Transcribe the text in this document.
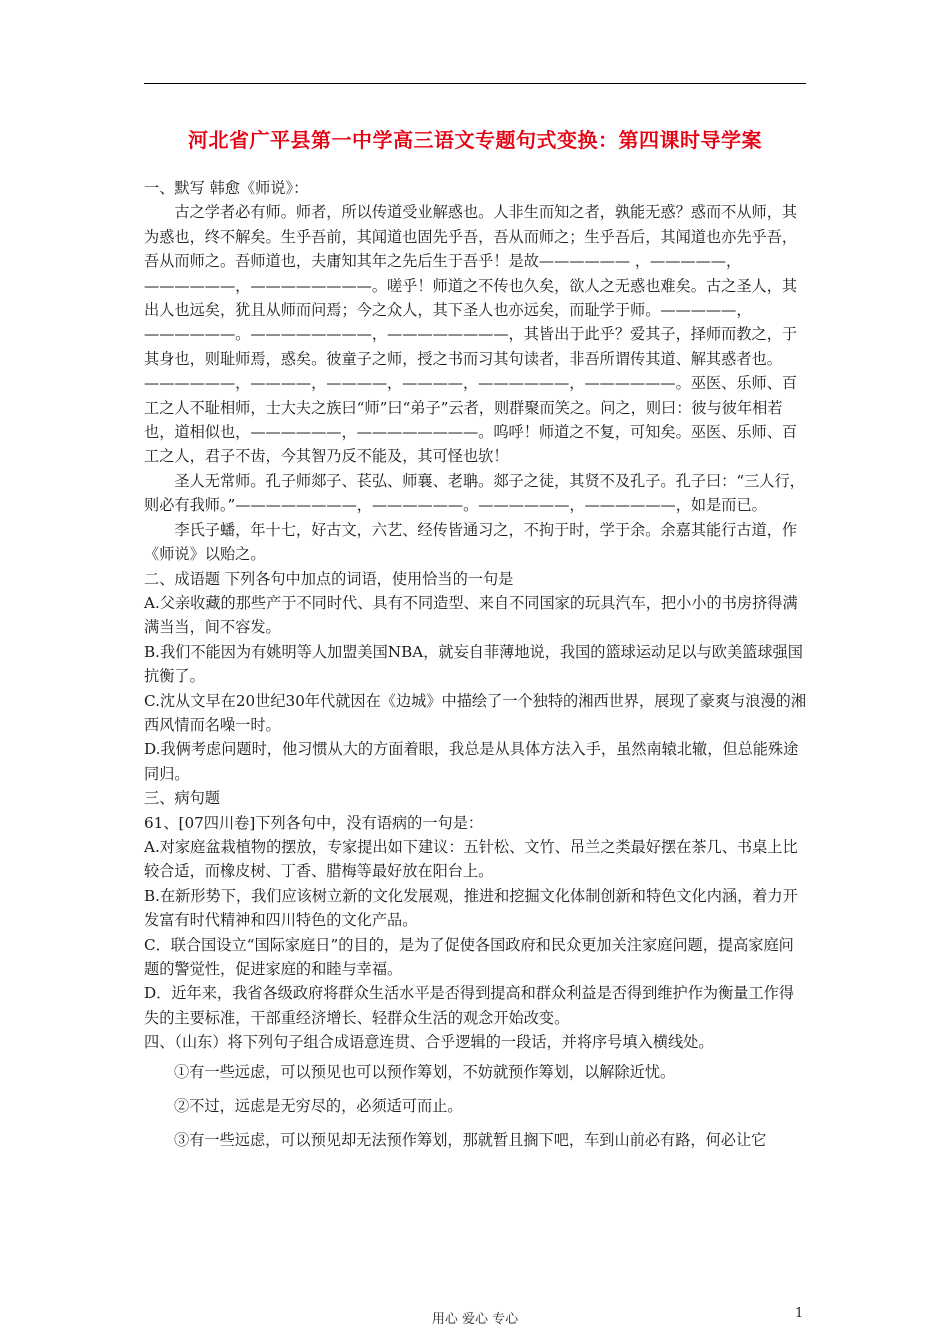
河北省广平县第一中学高三语文专题句式变换：第四课时导学案

一、默写 韩愈《师说》：

古之学者必有师。师者，所以传道受业解惑也。人非生而知之者，孰能无惑？惑而不从师，其为惑也，终不解矣。生乎吾前，其闻道也固先乎吾，吾从而师之；生乎吾后，其闻道也亦先乎吾，吾从而师之。吾师道也，夫庸知其年之先后生于吾乎！是故—————— ，—————，——————，————————。嗟乎！师道之不传也久矣，欲人之无惑也难矣。古之圣人，其出人也远矣，犹且从师而问焉；今之众人，其下圣人也亦远矣，而耻学于师。—————，——————。————————，————————，其皆出于此乎？爱其子，择师而教之，于其身也，则耻师焉，惑矣。彼童子之师，授之书而习其句读者，非吾所谓传其道、解其惑者也。——————，————，————，————，——————，——————。巫医、乐师、百工之人不耻相师，士大夫之族曰“师”曰“弟子”云者，则群聚而笑之。问之，则曰：彼与彼年相若也，道相似也，——————，————————。呜呼！师道之不复，可知矣。巫医、乐师、百工之人，君子不齿，今其智乃反不能及，其可怪也欤！

圣人无常师。孔子师郯子、苌弘、师襄、老聃。郯子之徒，其贤不及孔子。孔子曰：“三人行，则必有我师。”————————，——————。——————，——————，如是而已。

李氏子蟠，年十七，好古文，六艺、经传皆通习之，不拘于时，学于余。余嘉其能行古道，作《师说》以贻之。

二、成语题 下列各句中加点的词语，使用恰当的一句是

A.父亲收藏的那些产于不同时代、具有不同造型、来自不同国家的玩具汽车，把小小的书房挤得满满当当，间不容发。

B.我们不能因为有姚明等人加盟美国NBA，就妄自菲薄地说，我国的篮球运动足以与欧美篮球强国抗衡了。

C.沈从文早在20世纪30年代就因在《边城》中描绘了一个独特的湘西世界，展现了豪爽与浪漫的湘西风情而名噪一时。

D.我俩考虑问题时，他习惯从大的方面着眼，我总是从具体方法入手，虽然南辕北辙，但总能殊途同归。

三、病句题

61、[07四川卷]下列各句中，没有语病的一句是：

A.对家庭盆栽植物的摆放，专家提出如下建议：五针松、文竹、吊兰之类最好摆在茶几、书桌上比较合适，而橡皮树、丁香、腊梅等最好放在阳台上。

B.在新形势下，我们应该树立新的文化发展观，推进和挖掘文化体制创新和特色文化内涵，着力开发富有时代精神和四川特色的文化产品。

C．联合国设立“国际家庭日”的目的，是为了促使各国政府和民众更加关注家庭问题，提高家庭问题的警觉性，促进家庭的和睦与幸福。

D．近年来，我省各级政府将群众生活水平是否得到提高和群众利益是否得到维护作为衡量工作得失的主要标准，干部重经济增长、轻群众生活的观念开始改变。

四、（山东）将下列句子组合成语意连贯、合乎逻辑的一段话，并将序号填入横线处。

①有一些远虑，可以预见也可以预作筹划，不妨就预作筹划，以解除近忧。

②不过，远虑是无穷尽的，必须适可而止。

③有一些远虑，可以预见却无法预作筹划，那就暂且搁下吧，车到山前必有路，何必让它

用心 爱心 专心	1
